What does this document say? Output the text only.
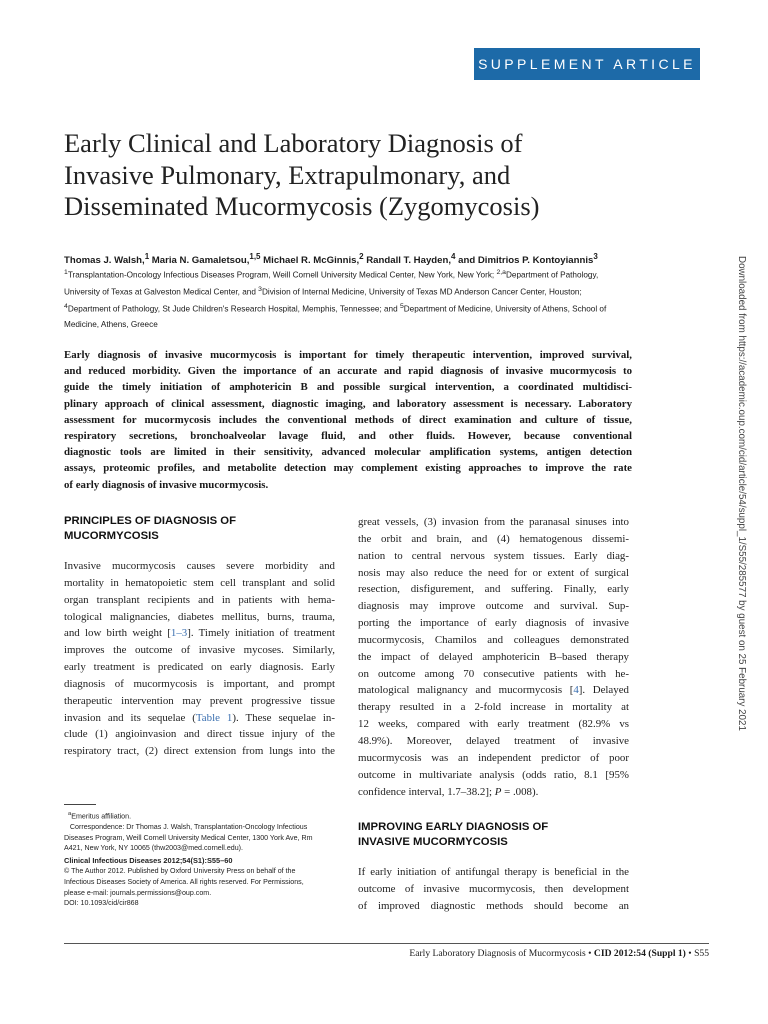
SUPPLEMENT ARTICLE
Early Clinical and Laboratory Diagnosis of
Invasive Pulmonary, Extrapulmonary, and
Disseminated Mucormycosis (Zygomycosis)
Thomas J. Walsh,$^1$ Maria N. Gamaletsou,$^{1,5}$ Michael R. McGinnis,$^2$ Randall T. Hayden,$^4$ and Dimitrios P. Kontoyiannis$^3$
$^1$Transplantation-Oncology Infectious Diseases Program, Weill Cornell University Medical Center, New York, New York; $^{2,a}$Department of Pathology,
University of Texas at Galveston Medical Center, and $^3$Division of Internal Medicine, University of Texas MD Anderson Cancer Center, Houston;
$^4$Department of Pathology, St Jude Children's Research Hospital, Memphis, Tennessee; and $^5$Department of Medicine, University of Athens, School of
Medicine, Athens, Greece
Early diagnosis of invasive mucormycosis is important for timely therapeutic intervention, improved survival,
and reduced morbidity. Given the importance of an accurate and rapid diagnosis of invasive mucormycosis to
guide the timely initiation of amphotericin B and possible surgical intervention, a coordinated multidisci-
plinary approach of clinical assessment, diagnostic imaging, and laboratory assessment is necessary. Laboratory
assessment for mucormycosis includes the conventional methods of direct examination and culture of tissue,
respiratory secretions, bronchoalveolar lavage fluid, and other fluids. However, because conventional
diagnostic tools are limited in their sensitivity, advanced molecular amplification systems, antigen detection
assays, proteomic profiles, and metabolite detection may complement existing approaches to improve the rate
of early diagnosis of invasive mucormycosis.
PRINCIPLES OF DIAGNOSIS OF
MUCORMYCOSIS
Invasive mucormycosis causes severe morbidity and
mortality in hematopoietic stem cell transplant and solid
organ transplant recipients and in patients with hema-
tological malignancies, diabetes mellitus, burns, trauma,
and low birth weight [1–3]. Timely initiation of treatment
improves the outcome of invasive mycoses. Similarly,
early treatment is predicated on early diagnosis. Early
diagnosis of mucormycosis is important, and prompt
therapeutic intervention may prevent progressive tissue
invasion and its sequelae (Table 1). These sequelae in-
clude (1) angioinvasion and direct tissue injury of the
respiratory tract, (2) direct extension from lungs into the
great vessels, (3) invasion from the paranasal sinuses into
the orbit and brain, and (4) hematogenous dissemi-
nation to central nervous system tissues. Early diag-
nosis may also reduce the need for or extent of surgical
resection, disfigurement, and suffering. Finally, early
diagnosis may improve outcome and survival. Sup-
porting the importance of early diagnosis of invasive
mucormycosis, Chamilos and colleagues demonstrated
the impact of delayed amphotericin B–based therapy
on outcome among 70 consecutive patients with he-
matological malignancy and mucormycosis [4]. Delayed
therapy resulted in a 2-fold increase in mortality at
12 weeks, compared with early treatment (82.9% vs
48.9%). Moreover, delayed treatment of invasive
mucormycosis was an independent predictor of poor
outcome in multivariate analysis (odds ratio, 8.1 [95%
confidence interval, 1.7–38.2]; P = .008).
IMPROVING EARLY DIAGNOSIS OF
INVASIVE MUCORMYCOSIS
If early initiation of antifungal therapy is beneficial in the
outcome of invasive mucormycosis, then development
of improved diagnostic methods should become an
$^a$Emeritus affiliation.
Correspondence: Dr Thomas J. Walsh, Transplantation-Oncology Infectious
Diseases Program, Weill Cornell University Medical Center, 1300 York Ave, Rm
A421, New York, NY 10065 (thw2003@med.cornell.edu).
Clinical Infectious Diseases 2012;54(S1):S55–60
© The Author 2012. Published by Oxford University Press on behalf of the
Infectious Diseases Society of America. All rights reserved. For Permissions,
please e-mail: journals.permissions@oup.com.
DOI: 10.1093/cid/cir868
Early Laboratory Diagnosis of Mucormycosis • CID 2012:54 (Suppl 1) • S55
Downloaded from https://academic.oup.com/cid/article/54/suppl_1/S55/285577 by guest on 25 February 2021
